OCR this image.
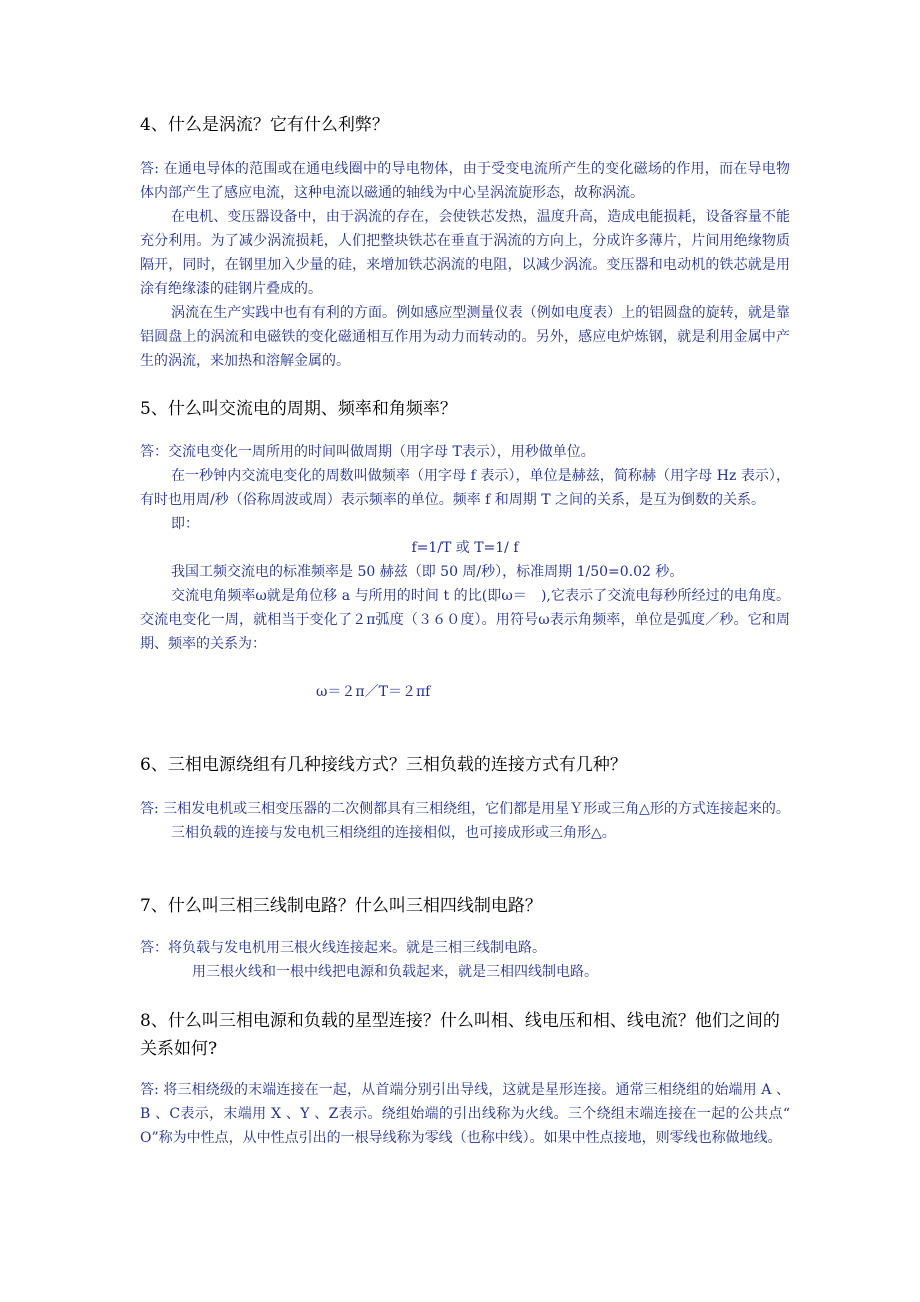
4、什么是涡流？它有什么利弊？

答: 在通电导体的范围或在通电线圈中的导电物体，由于受变电流所产生的变化磁场的作用，而在导电物体内部产生了感应电流，这种电流以磁通的轴线为中心呈涡流旋形态，故称涡流。

在电机、变压器设备中，由于涡流的存在，会使铁芯发热，温度升高，造成电能损耗，设备容量不能充分利用。为了减少涡流损耗，人们把整块铁芯在垂直于涡流的方向上，分成许多薄片，片间用绝缘物质隔开，同时，在钢里加入少量的硅，来增加铁芯涡流的电阻，以减少涡流。变压器和电动机的铁芯就是用涂有绝缘漆的硅钢片叠成的。

涡流在生产实践中也有有利的方面。例如感应型测量仪表（例如电度表）上的铝圆盘的旋转，就是靠铝圆盘上的涡流和电磁铁的变化磁通相互作用为动力而转动的。另外，感应电炉炼钢，就是利用金属中产生的涡流，来加热和溶解金属的。

5、什么叫交流电的周期、频率和角频率？

答：交流电变化一周所用的时间叫做周期（用字母 T表示），用秒做单位。

在一秒钟内交流电变化的周数叫做频率（用字母 f 表示），单位是赫兹，简称赫（用字母 Hz 表示），有时也用周/秒（俗称周波或周）表示频率的单位。频率 f 和周期 T 之间的关系，是互为倒数的关系。

即：

f=1/T 或 T=1/ f

我国工频交流电的标准频率是 50 赫兹（即 50 周/秒），标准周期 1/50=0.02 秒。

交流电角频率ω就是角位移 a 与所用的时间 t 的比(即ω＝　),它表示了交流电每秒所经过的电角度。交流电变化一周，就相当于变化了２π弧度（３６０度）。用符号ω表示角频率，单位是弧度／秒。它和周期、频率的关系为：

ω＝２π／T＝２πf

6、三相电源绕组有几种接线方式？三相负载的连接方式有几种？

答: 三相发电机或三相变压器的二次侧都具有三相绕组，它们都是用星Ｙ形或三角△形的方式连接起来的。

三相负载的连接与发电机三相绕组的连接相似，也可接成形或三角形△。

7、什么叫三相三线制电路？什么叫三相四线制电路？

答：将负载与发电机用三根火线连接起来。就是三相三线制电路。

用三根火线和一根中线把电源和负载起来，就是三相四线制电路。

8、什么叫三相电源和负载的星型连接？什么叫相、线电压和相、线电流？他们之间的 关系如何?

答: 将三相绕级的末端连接在一起，从首端分别引出导线，这就是星形连接。通常三相绕组的始端用 A 、B 、C表示，末端用 X 、Y 、Z表示。绕组始端的引出线称为火线。三个绕组末端连接在一起的公共点“ O”称为中性点，从中性点引出的一根导线称为零线（也称中线）。如果中性点接地，则零线也称做地线。
